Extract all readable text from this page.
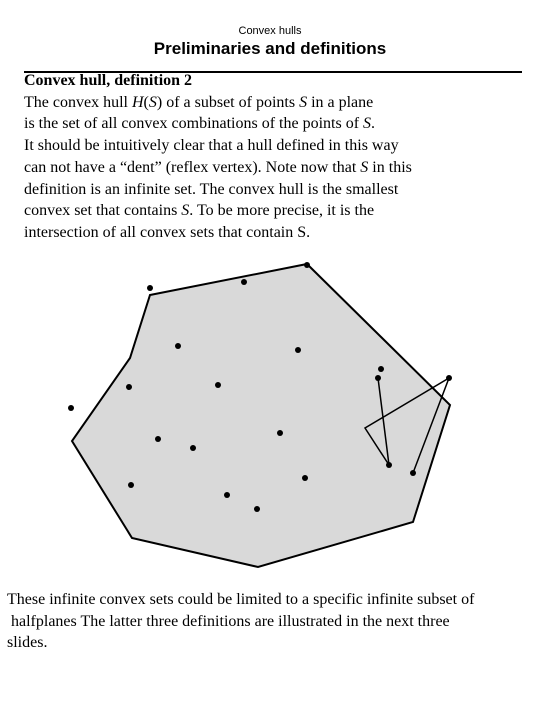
Convex hulls
Preliminaries and definitions
Convex hull, definition 2
The convex hull H(S) of a subset of points S in a plane
is the set of all convex combinations of the points of S.
It should be intuitively clear that a hull defined in this way
can not have a “dent” (reflex vertex). Note now that S in this
definition is an infinite set. The convex hull is the smallest
convex set that contains S. To be more precise, it is the
intersection of all convex sets that contain S.
These infinite convex sets could be limited to a specific infinite subset of
halfplanes The latter three definitions are illustrated in the next three
slides.
